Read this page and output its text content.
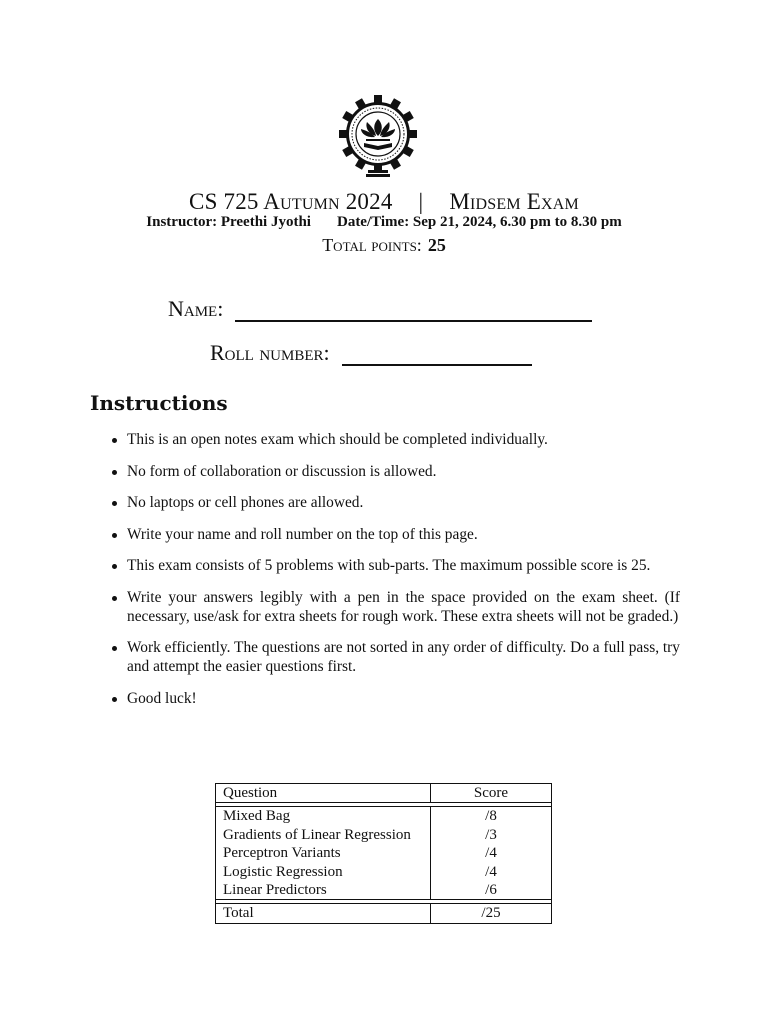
CS 725 Autumn 2024 | Midsem Exam
Instructor: Preethi Jyothi Date/Time: Sep 21, 2024, 6.30 pm to 8.30 pm
Total points: 25
Name:
Roll number:
Instructions
This is an open notes exam which should be completed individually.
No form of collaboration or discussion is allowed.
No laptops or cell phones are allowed.
Write your name and roll number on the top of this page.
This exam consists of 5 problems with sub-parts. The maximum possible score is 25.
Write your answers legibly with a pen in the space provided on the exam sheet. (If necessary, use/ask for extra sheets for rough work. These extra sheets will not be graded.)
Work efficiently. The questions are not sorted in any order of difficulty. Do a full pass, try and attempt the easier questions first.
Good luck!
Question	Score

Mixed Bag	/8
Gradients of Linear Regression	/3
Perceptron Variants	/4
Logistic Regression	/4
Linear Predictors	/6

Total	/25
